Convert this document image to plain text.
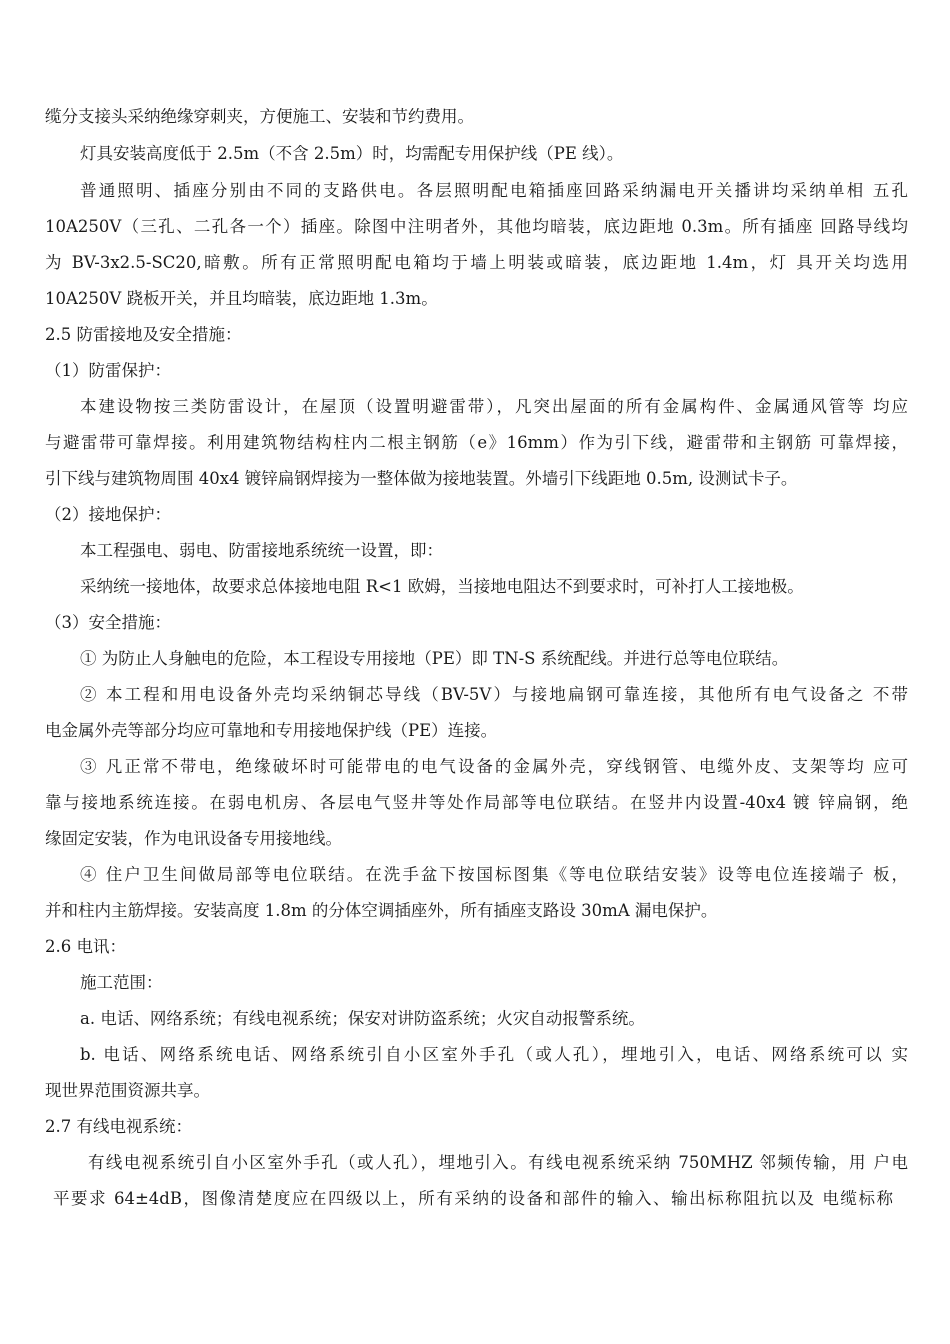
缆分支接头采纳绝缘穿刺夹，方便施工、安装和节约费用。
灯具安装高度低于 2.5m（不含 2.5m）时，均需配专用保护线（PE 线）。
普通照明、插座分别由不同的支路供电。各层照明配电箱插座回路采纳漏电开关播讲均采纳单相 五孔
10A250V（三孔、二孔各一个）插座。除图中注明者外，其他均暗装，底边距地 0.3m。所有插座 回路导线均
为 BV-3x2.5-SC20,暗敷。所有正常照明配电箱均于墙上明装或暗装，底边距地 1.4m，灯 具开关均选用
10A250V 跷板开关，并且均暗装，底边距地 1.3m。
2.5 防雷接地及安全措施：
（1）防雷保护：
本建设物按三类防雷设计，在屋顶（设置明避雷带），凡突出屋面的所有金属构件、金属通风管等 均应
与避雷带可靠焊接。利用建筑物结构柱内二根主钢筋（e》16mm）作为引下线，避雷带和主钢筋 可靠焊接，
引下线与建筑物周围 40x4 镀锌扁钢焊接为一整体做为接地装置。外墙引下线距地 0.5m, 设测试卡子。
（2）接地保护：
本工程强电、弱电、防雷接地系统统一设置，即：
采纳统一接地体，故要求总体接地电阻 R<1 欧姆，当接地电阻达不到要求时，可补打人工接地极。
（3）安全措施：
① 为防止人身触电的危险，本工程设专用接地（PE）即 TN-S 系统配线。并进行总等电位联结。
② 本工程和用电设备外壳均采纳铜芯导线（BV-5V）与接地扁钢可靠连接，其他所有电气设备之 不带
电金属外壳等部分均应可靠地和专用接地保护线（PE）连接。
③ 凡正常不带电，绝缘破坏时可能带电的电气设备的金属外壳，穿线钢管、电缆外皮、支架等均 应可
靠与接地系统连接。在弱电机房、各层电气竖井等处作局部等电位联结。在竖井内设置-40x4 镀 锌扁钢，绝
缘固定安装，作为电讯设备专用接地线。
④ 住户卫生间做局部等电位联结。在洗手盆下按国标图集《等电位联结安装》设等电位连接端子 板，
并和柱内主筋焊接。安装高度 1.8m 的分体空调插座外，所有插座支路设 30mA 漏电保护。
2.6 电讯：
施工范围：
a. 电话、网络系统；有线电视系统；保安对讲防盗系统；火灾自动报警系统。
b. 电话、网络系统电话、网络系统引自小区室外手孔（或人孔），埋地引入，电话、网络系统可以 实
现世界范围资源共享。
2.7 有线电视系统：
有线电视系统引自小区室外手孔（或人孔），埋地引入。有线电视系统采纳 750MHZ 邻频传输，用 户电
平要求 64±4dB，图像清楚度应在四级以上，所有采纳的设备和部件的输入、输出标称阻抗以及 电缆标称
